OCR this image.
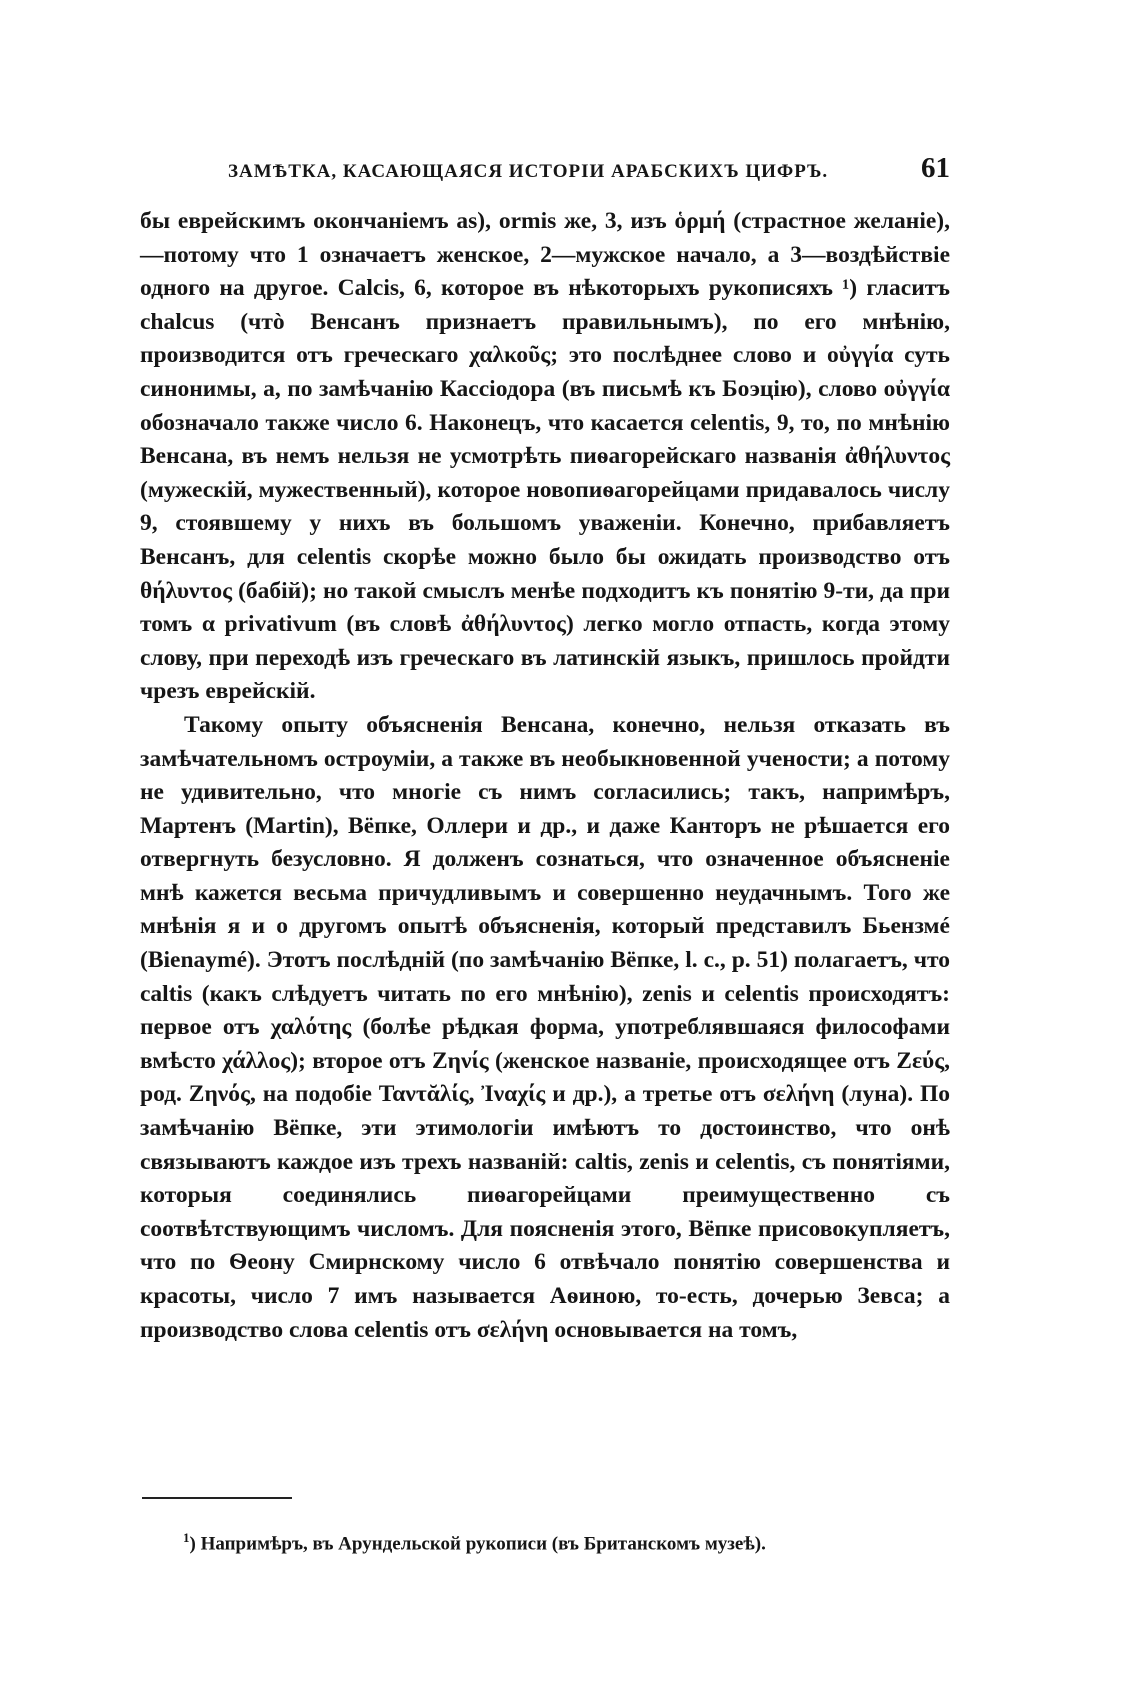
ЗАМѢТКА, КАСАЮЩАЯСЯ ИСТОРІИ АРАБСКИХЪ ЦИФРЪ.	61

бы еврейскимъ окончаніемъ as), ormis же, 3, изъ ὁρμή (страстное желаніе),—потому что 1 означаетъ женское, 2—мужское начало, а 3—воздѣйствіе одного на другое. Calcis, 6, которое въ нѣкоторыхъ рукописяхъ ¹) гласитъ chalcus (чтò Венсанъ признаетъ правильнымъ), по его мнѣнію, производится отъ греческаго χαλκοῦς; это послѣднее слово и οὐγγία суть синонимы, а, по замѣчанію Кассіодора (въ письмѣ къ Боэцію), слово οὐγγία обозначало также число 6. Наконецъ, что касается celentis, 9, то, по мнѣнію Венсана, въ немъ нельзя не усмотрѣть пиѳагорейскаго названія ἀθήλυντος (мужескій, мужественный), которое новопиѳагорейцами придавалось числу 9, стоявшему у нихъ въ большомъ уваженіи. Конечно, прибавляетъ Венсанъ, для celentis скорѣе можно было бы ожидать производство отъ θήλυντος (бабій); но такой смыслъ менѣе подходитъ къ понятію 9-ти, да при томъ α privativum (въ словѣ ἀθήλυντος) легко могло отпасть, когда этому слову, при переходѣ изъ греческаго въ латинскій языкъ, пришлось пройдти чрезъ еврейскій.

Такому опыту объясненія Венсана, конечно, нельзя отказать въ замѣчательномъ остроуміи, а также въ необыкновенной учености; а потому не удивительно, что многіе съ нимъ согласились; такъ, напримѣръ, Мартенъ (Martin), Вёпке, Оллери и др., и даже Канторъ не рѣшается его отвергнуть безусловно. Я долженъ сознаться, что означенное объясненіе мнѣ кажется весьма причудливымъ и совершенно неудачнымъ. Того же мнѣнія я и о другомъ опытѣ объясненія, который представилъ Бьензмé (Bienaymé). Этотъ послѣдній (по замѣчанію Вёпке, l. c., p. 51) полагаетъ, что caltis (какъ слѣдуетъ читать по его мнѣнію), zenis и celentis происходятъ: первое отъ χαλότης (болѣе рѣдкая форма, употреблявшаяся философами вмѣсто χάλλος); второе отъ Ζηνίς (женское названіе, происходящее отъ Ζεύς, род. Ζηνός, на подобіе Ταντᾰλίς, Ἰναχίς и др.), а третье отъ σελήνη (луна). По замѣчанію Вёпке, эти этимологіи имѣютъ то достоинство, что онѣ связываютъ каждое изъ трехъ названій: caltis, zenis и celentis, съ понятіями, которыя соединялись пиѳагорейцами преимущественно съ соотвѣтствующимъ числомъ. Для поясненія этого, Вёпке присовокупляетъ, что по Ѳеону Смирнскому число 6 отвѣчало понятію совершенства и красоты, число 7 имъ называется Аѳиною, то-есть, дочерью Зевса; а производство слова celentis отъ σελήνη основывается на томъ,

$^1$) Напримѣръ, въ Арундельской рукописи (въ Британскомъ музеѣ).
